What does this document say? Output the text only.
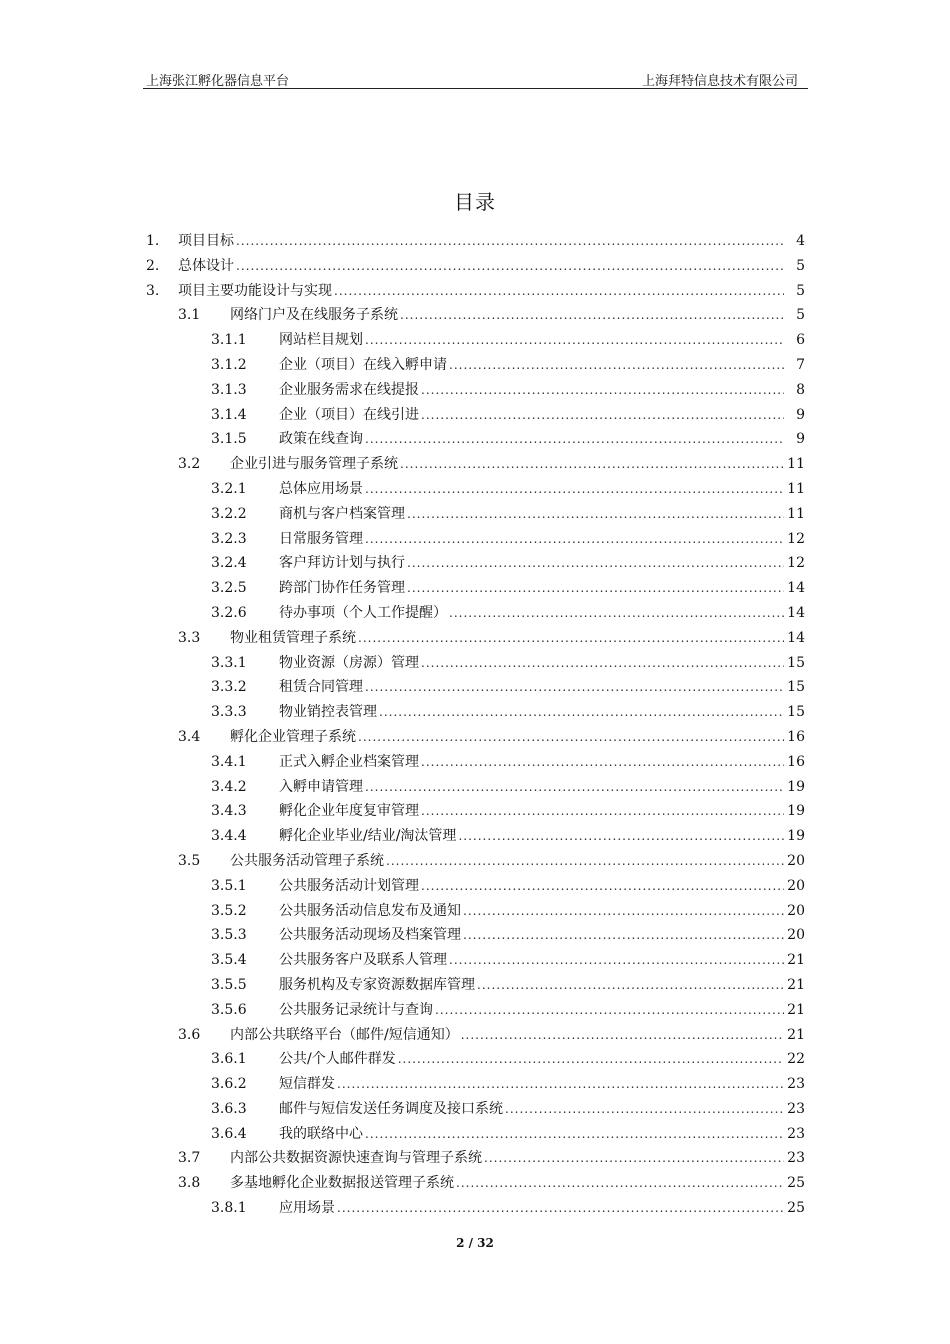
上海张江孵化器信息平台	上海拜特信息技术有限公司
目录
1. 项目目标 .....	4
2. 总体设计 .....	5
3. 项目主要功能设计与实现 .....	5
3.1 网络门户及在线服务子系统 .....	5
3.1.1 网站栏目规划 .....	6
3.1.2 企业（项目）在线入孵申请 .....	7
3.1.3 企业服务需求在线提报 .....	8
3.1.4 企业（项目）在线引进 .....	9
3.1.5 政策在线查询 .....	9
3.2 企业引进与服务管理子系统 .....	11
3.2.1 总体应用场景 .....	11
3.2.2 商机与客户档案管理 .....	11
3.2.3 日常服务管理 .....	12
3.2.4 客户拜访计划与执行 .....	12
3.2.5 跨部门协作任务管理 .....	14
3.2.6 待办事项（个人工作提醒） .....	14
3.3 物业租赁管理子系统 .....	14
3.3.1 物业资源（房源）管理 .....	15
3.3.2 租赁合同管理 .....	15
3.3.3 物业销控表管理 .....	15
3.4 孵化企业管理子系统 .....	16
3.4.1 正式入孵企业档案管理 .....	16
3.4.2 入孵申请管理 .....	19
3.4.3 孵化企业年度复审管理 .....	19
3.4.4 孵化企业毕业/结业/淘汰管理 .....	19
3.5 公共服务活动管理子系统 .....	20
3.5.1 公共服务活动计划管理 .....	20
3.5.2 公共服务活动信息发布及通知 .....	20
3.5.3 公共服务活动现场及档案管理 .....	20
3.5.4 公共服务客户及联系人管理 .....	21
3.5.5 服务机构及专家资源数据库管理 .....	21
3.5.6 公共服务记录统计与查询 .....	21
3.6 内部公共联络平台（邮件/短信通知） .....	21
3.6.1 公共/个人邮件群发 .....	22
3.6.2 短信群发 .....	23
3.6.3 邮件与短信发送任务调度及接口系统 .....	23
3.6.4 我的联络中心 .....	23
3.7 内部公共数据资源快速查询与管理子系统 .....	23
3.8 多基地孵化企业数据报送管理子系统 .....	25
3.8.1 应用场景 .....	25
2 / 32
